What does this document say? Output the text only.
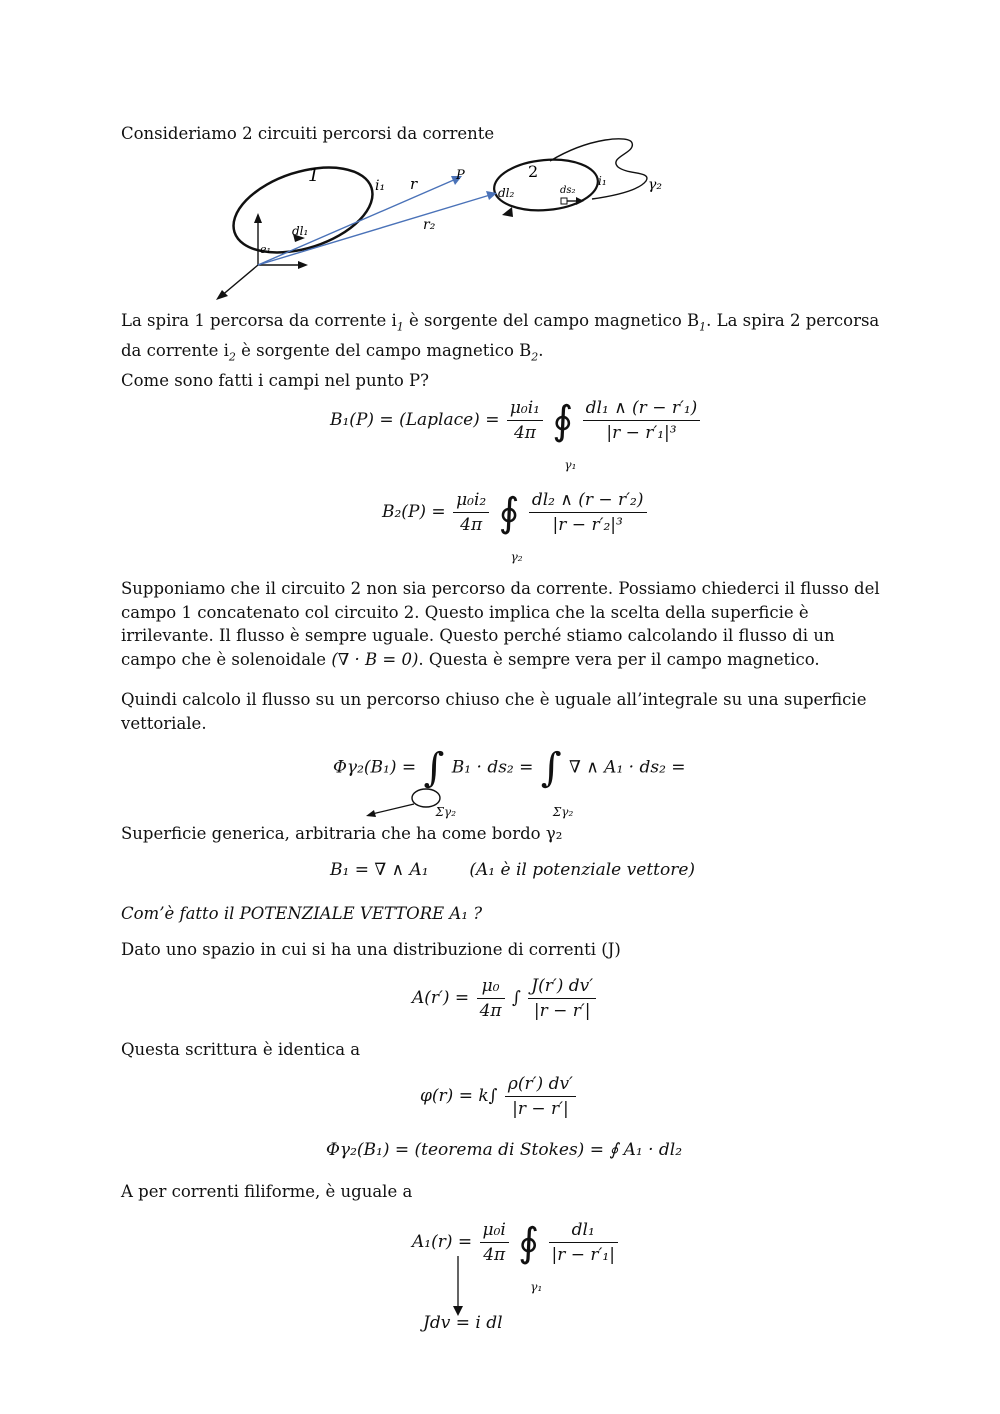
Consideriamo 2 circuiti percorsi da corrente
1	2
i₁	i₁
r	P
r₂
dl₁
dl₂	ds₂	γ₂
e₁
La spira 1 percorsa da corrente $i_1$ è sorgente del campo magnetico $B_1$. La spira 2 percorsa da corrente $i_2$ è sorgente del campo magnetico $B_2$.
Come sono fatti i campi nel punto P?
B₁(P) = (Laplace) = $\frac{\text{μ₀i₁}}{4\pi}$ ∮
γ₁

$\frac{\text{dl₁ ∧ (r − r′₁)}}{\text{|r − r′₁|³}}$
$B_2(P) = \frac{\text{μ₀i₂}}{4\pi}$ ∮
γ₂

$\frac{\text{dl₂ ∧ (r − r′₂)}}{\text{|r − r′₂|³}}$
Supponiamo che il circuito 2 non sia percorso da corrente. Possiamo chiederci il flusso del campo 1 concatenato col circuito 2. Questo implica che la scelta della superficie è irrilevante. Il flusso è sempre uguale. Questo perché stiamo calcolando il flusso di un campo che è solenoidale (∇ · B = 0). Questa è sempre vera per il campo magnetico.
Quindi calcolo il flusso su un percorso chiuso che è uguale all’integrale su una superficie vettoriale.
Φγ₂(B₁) = ∫
Σγ₂
B₁ · ds₂ = ∫
Σγ₂
∇ ∧ A₁ · ds₂ =
Superficie generica, arbitraria che ha come bordo γ₂
B₁ = ∇ ∧ A₁ (A₁ è il potenziale vettore)
Com’è fatto il POTENZIALE VETTORE A₁ ?
Dato uno spazio in cui si ha una distribuzione di correnti (J)
$A(r') = \frac{\text{μ₀}}{4\pi}$ ∫ $\frac{J(r') dv'}{|r - r'|}$
Questa scrittura è identica a
$\varphi(r) = k\int \frac{\rho(r') dv'}{|r - r'|}$
Φγ₂(B₁) = (teorema di Stokes) = ∮ A₁ · dl₂
A per correnti filiforme, è uguale a
$A_1(r) = \frac{\text{μ₀i}}{4\pi}$ ∮
γ₁

$\frac{\text{dl₁}}{\text{|r − r′₁|}}$
Jdv = i dl
